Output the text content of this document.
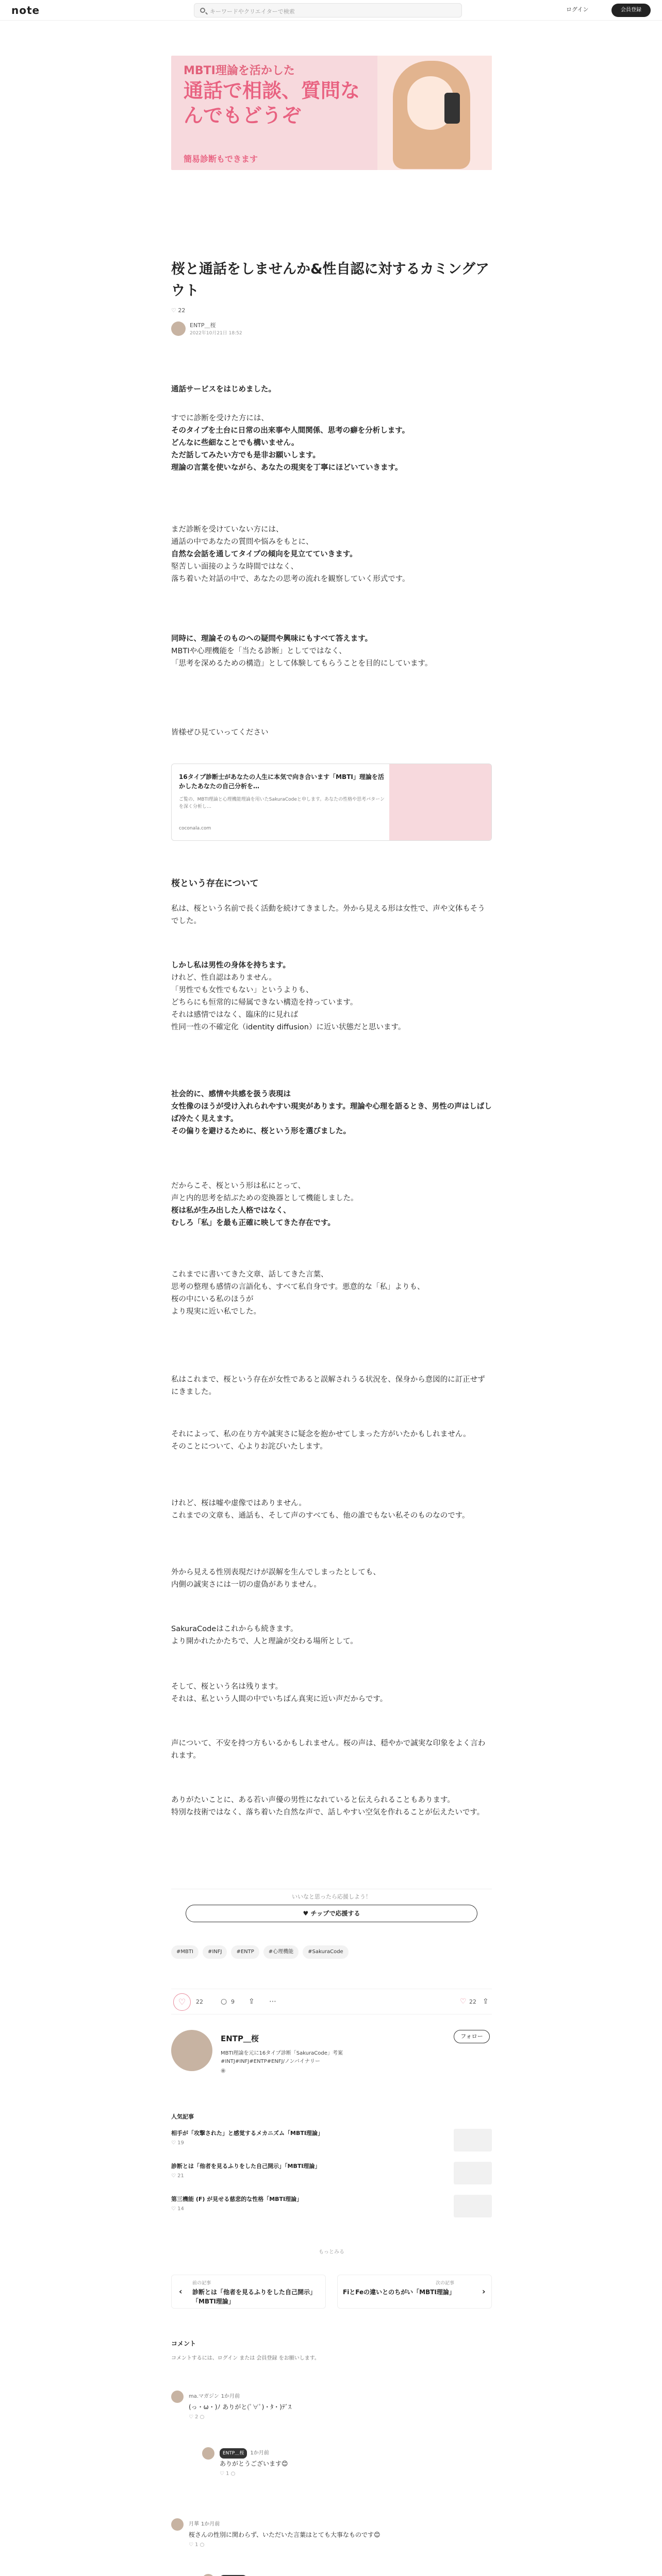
note	キーワードやクリエイターで検索	ログイン	会員登録
MBTI理論を活かした
通話で相談、質問なんでもどうぞ
簡易診断もできます
桜と通話をしませんか&性自認に対するカミングアウト
♡ 22
ENTP＿桜
2022年10月21日 18:52
通話サービスをはじめました。
すでに診断を受けた方には、
そのタイプを土台に日常の出来事や人間関係、思考の癖を分析します。
どんなに些細なことでも構いません。
ただ話してみたい方でも是非お願いします。
理論の言葉を使いながら、あなたの現実を丁寧にほどいていきます。
まだ診断を受けていない方には、
通話の中であなたの質問や悩みをもとに、
自然な会話を通してタイプの傾向を見立てていきます。
堅苦しい面接のような時間ではなく、
落ち着いた対話の中で、あなたの思考の流れを観察していく形式です。
同時に、理論そのものへの疑問や興味にもすべて答えます。
MBTIや心理機能を「当たる診断」としてではなく、
「思考を深めるための構造」として体験してもらうことを目的にしています。
皆様ぜひ見ていってください
16タイプ診断士があなたの人生に本気で向き合います「MBTI」理論を活かしたあなたの自己分析を…
ご覧の、MBTI理論と心理機能理論を用いたSakuraCodeと申します。あなたの性格や思考パターンを深く分析し…
coconala.com
桜という存在について
私は、桜という名前で長く活動を続けてきました。外から見える形は女性で、声や文体もそうでした。
しかし私は男性の身体を持ちます。
けれど、性自認はありません。
「男性でも女性でもない」というよりも、
どちらにも恒常的に帰属できない構造を持っています。
それは感情ではなく、臨床的に見れば
性同一性の不確定化（identity diffusion）に近い状態だと思います。
社会的に、感情や共感を扱う表現は
女性像のほうが受け入れられやすい現実があります。理論や心理を語るとき、男性の声はしばしば冷たく見えます。
その偏りを避けるために、桜という形を選びました。
だからこそ、桜という形は私にとって、
声と内的思考を結ぶための変換器として機能しました。
桜は私が生み出した人格ではなく、
むしろ「私」を最も正確に映してきた存在です。
これまでに書いてきた文章、話してきた言葉、
思考の整理も感情の言語化も、すべて私自身です。悪意的な「私」よりも、
桜の中にいる私のほうが
より現実に近い私でした。
私はこれまで、桜という存在が女性であると誤解されうる状況を、保身から意図的に訂正せずにきました。
それによって、私の在り方や誠実さに疑念を抱かせてしまった方がいたかもしれません。
そのことについて、心よりお詫びいたします。
けれど、桜は嘘や虚像ではありません。
これまでの文章も、通話も、そして声のすべても、他の誰でもない私そのものなのです。
外から見える性別表現だけが誤解を生んでしまったとしても、
内側の誠実さには一切の虚偽がありません。
SakuraCodeはこれからも続きます。
より開かれたかたちで、人と理論が交わる場所として。
そして、桜という名は残ります。
それは、私という人間の中でいちばん真実に近い声だからです。
声について、不安を持つ方もいるかもしれません。桜の声は、穏やかで誠実な印象をよく言われます。
ありがたいことに、ある若い声優の男性になれていると伝えられることもあります。
特別な技術ではなく、落ち着いた自然な声で、話しやすい空気を作れることが伝えたいです。
いいなと思ったら応援しよう！
♥ チップで応援する
#MBTI	#INFJ	#ENTP	#心理機能	#SakuraCode
♡	22 ○ 9 ⇪ ⋯	♡ 22 ⇪
ENTP＿桜
MBTI理論を元に16タイプ診断「SakuraCode」考案
#INTJ#INFJ#ENTP#ENFJ/ノンバイナリー
◉
フォロー
人気記事
相手が「攻撃された」と感覚するメカニズム「MBTI理論」
♡ 19
診断とは「他者を見るふりをした自己開示」「MBTI理論」
♡ 21
第三機能 (F) が見せる慈悲的な性格「MBTI理論」
♡ 14
もっとみる
前の記事
診断とは「他者を見るふりをした自己開示」「MBTI理論」
‹
次の記事
FiとFeの違いとのちがい「MBTI理論」	›
コメント
コメントするには、ログイン または 会員登録 をお願いします。
ma.マガジン 1か月前
(っ・ω・)ﾉ ありがと(ﾟ∀ﾟ)・ﾀ・)ﾃﾞｽ
♡ 2 ○
ENTP＿桜 1か月前
ありがとうございます😊
♡ 1 ○
月華 1か月前
桜さんの性別に関わらず、いただいた言葉はとても大事なものです😊
♡ 1 ○
